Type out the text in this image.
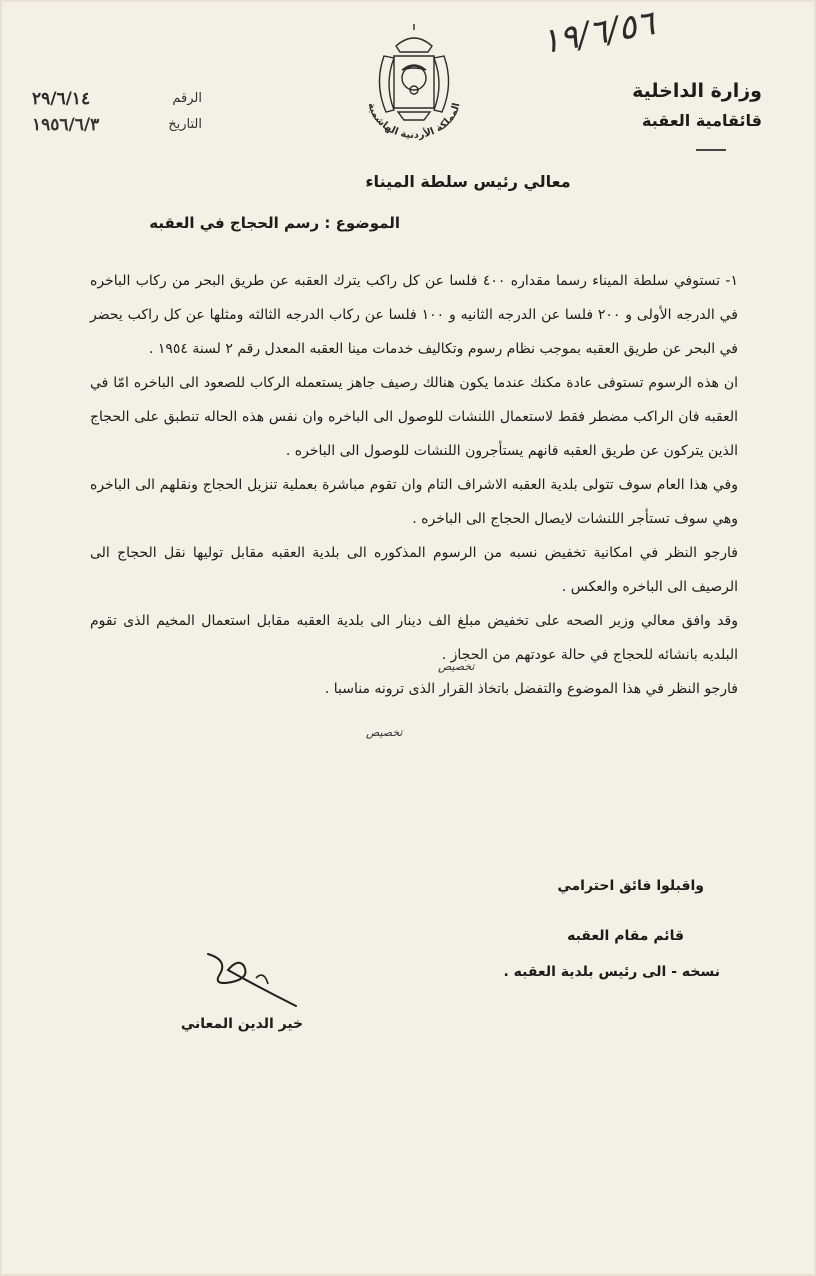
١٩/٦/٥٦
وزارة الداخلية
قائقامية العقبة
الرقم
٢٩/٦/١٤
التاريخ
١٩٥٦/٦/٣
المملكة الأردنية الهاشمية
معالي رئيس سلطة الميناء
الموضوع : رسم الحجاج في العقبه

١- تستوفي سلطة الميناء رسما مقداره ٤٠٠ فلسا عن كل راكب يترك العقبه عن طريق البحر من ركاب الباخره في الدرجه الأولى و ٢٠٠ فلسا عن الدرجه الثانيه و ١٠٠ فلسا عن ركاب الدرجه الثالثه ومثلها عن كل راكب يحضر في البحر عن طريق العقبه بموجب نظام رسوم وتكاليف خدمات مينا العقبه المعدل رقم ٢ لسنة ١٩٥٤ .

ان هذه الرسوم تستوفى عادة مكنك عندما يكون هنالك رصيف جاهز يستعمله الركاب للصعود الى الباخره امّا في العقبه فان الراكب مضطر فقط لاستعمال اللنشات للوصول الى الباخره وان نفس هذه الحاله تنطبق على الحجاج الذين يتركون عن طريق العقبه فانهم يستأجرون اللنشات للوصول الى الباخره .

وفي هذا العام سوف تتولى بلدية العقبه الاشراف التام وان تقوم مباشرة بعملية تنزيل الحجاج ونقلهم الى الباخره وهي سوف تستأجر اللنشات لايصال الحجاج الى الباخره .

فارجو النظر في امكانية تخفيض نسبه من الرسوم المذكوره الى بلدية العقبه مقابل توليها نقل الحجاج الى الرصيف الى الباخره والعكس .

وقد وافق معالي وزير الصحه على تخفيض مبلغ الف دينار الى بلدية العقبه مقابل استعمال المخيم الذى تقوم البلديه بانشائه للحجاج في حالة عودتهم من الحجاز .

فارجو النظر في هذا الموضوع والتفضل باتخاذ القرار الذى ترونه مناسبا .

تخصيص
تخصيص
واقبلوا فائق احترامي
قائم مقام العقبه
نسخه - الى رئيس بلدية العقبه .
خير الدين المعاني
